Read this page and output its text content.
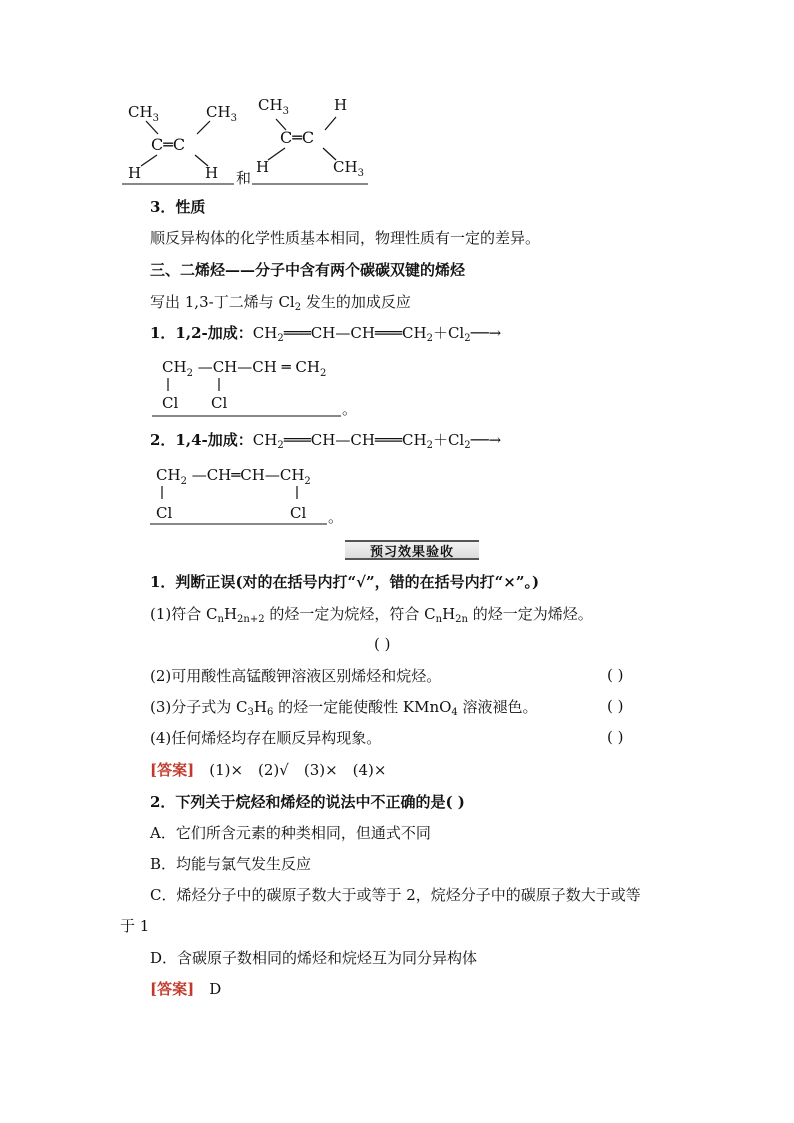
$CH_3$	$CH_3$
C═C
H	H 和
$CH_3$	H
C═C
H	$CH_3$
3．性质
顺反异构体的化学性质基本相同，物理性质有一定的差异。
三、二烯烃——分子中含有两个碳碳双键的烯烃
写出 1,3-丁二烯与 $Cl_2$ 发生的加成反应
1．1,2-加成：$CH_2═══CH—CH═══CH_2+Cl_2──\to$
$CH_2$ —CH—CH ═ $CH_2$
Cl Cl	。
2．1,4-加成：$CH_2═══CH—CH═══CH_2+Cl_2──\to$
$CH_2$ $—CH═CH—CH_2$
Cl	Cl 。
预习效果验收
1．判断正误(对的在括号内打“√”，错的在括号内打“×”。)
(1)符合 $C_nH_{2n+2}$ 的烃一定为烷烃，符合 $C_nH_{2n}$ 的烃一定为烯烃。
( )
(2)可用酸性高锰酸钾溶液区别烯烃和烷烃。	( )
(3)分子式为 $C_3H_6$ 的烃一定能使酸性 KMnO$_4$ 溶液褪色。	( )
(4)任何烯烃均存在顺反异构现象。	( )
[答案]　 (1)×　(2)√　(3)×　(4)×
2．下列关于烷烃和烯烃的说法中不正确的是( )
A．它们所含元素的种类相同，但通式不同
B．均能与氯气发生反应
C．烯烃分子中的碳原子数大于或等于 2，烷烃分子中的碳原子数大于或等
于 1
D．含碳原子数相同的烯烃和烷烃互为同分异构体
[答案]　 D
